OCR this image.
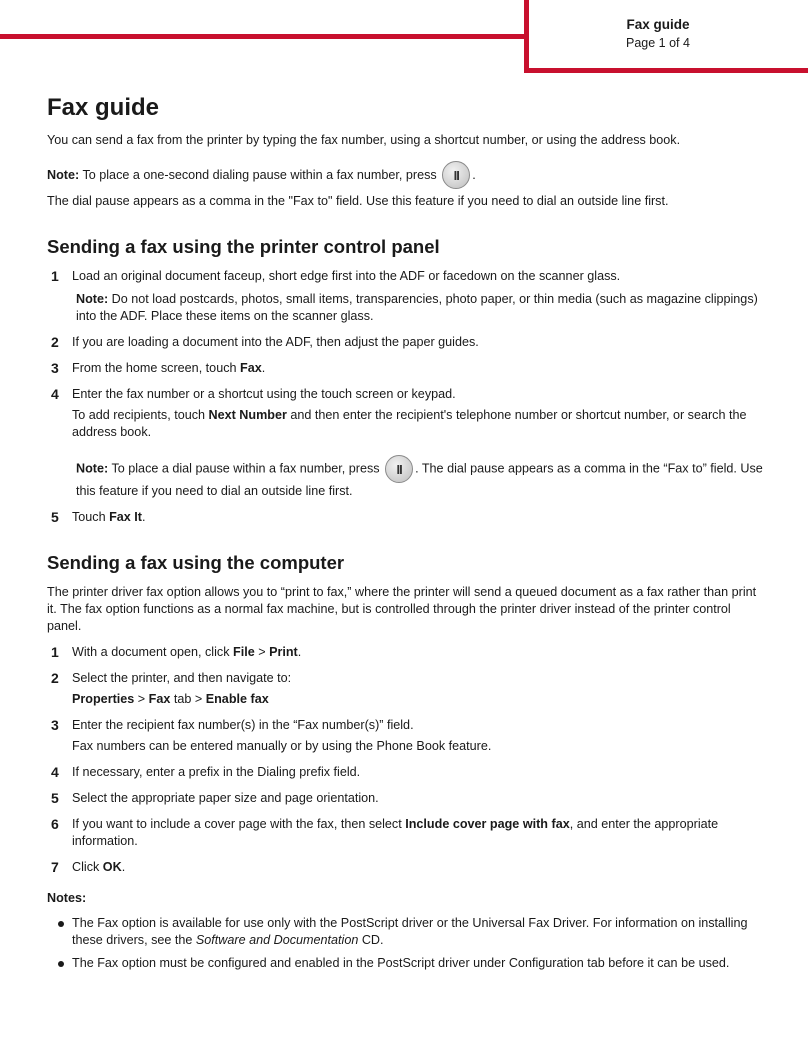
Fax guide
Page 1 of 4
Fax guide

You can send a fax from the printer by typing the fax number, using a shortcut number, or using the address book.

Note: To place a one-second dialing pause within a fax number, press	II	.

The dial pause appears as a comma in the "Fax to" field. Use this feature if you need to dial an outside line first.

Sending a fax using the printer control panel
1	Load an original document faceup, short edge first into the ADF or facedown on the scanner glass.

Note: Do not load postcards, photos, small items, transparencies, photo paper, or thin media (such as magazine clippings) into the ADF. Place these items on the scanner glass.

2	If you are loading a document into the ADF, then adjust the paper guides.

3	From the home screen, touch Fax.

4	Enter the fax number or a shortcut using the touch screen or keypad.

To add recipients, touch Next Number and then enter the recipient's telephone number or shortcut number, or search the address book.

Note: To place a dial pause within a fax number, press II . The dial pause appears as a comma in the “Fax to” field. Use this feature if you need to dial an outside line first.

5	Touch Fax It.

Sending a fax using the computer

The printer driver fax option allows you to “print to fax,” where the printer will send a queued document as a fax rather than print it. The fax option functions as a normal fax machine, but is controlled through the printer driver instead of the printer control panel.

1	With a document open, click File > Print.

2	Select the printer, and then navigate to:

Properties > Fax tab > Enable fax

3	Enter the recipient fax number(s) in the “Fax number(s)” field.

Fax numbers can be entered manually or by using the Phone Book feature.

4	If necessary, enter a prefix in the Dialing prefix field.

5	Select the appropriate paper size and page orientation.

6	If you want to include a cover page with the fax, then select Include cover page with fax, and enter the appropriate information.

7	Click OK.

Notes:

The Fax option is available for use only with the PostScript driver or the Universal Fax Driver. For information on installing these drivers, see the Software and Documentation CD.

The Fax option must be configured and enabled in the PostScript driver under Configuration tab before it can be used.
